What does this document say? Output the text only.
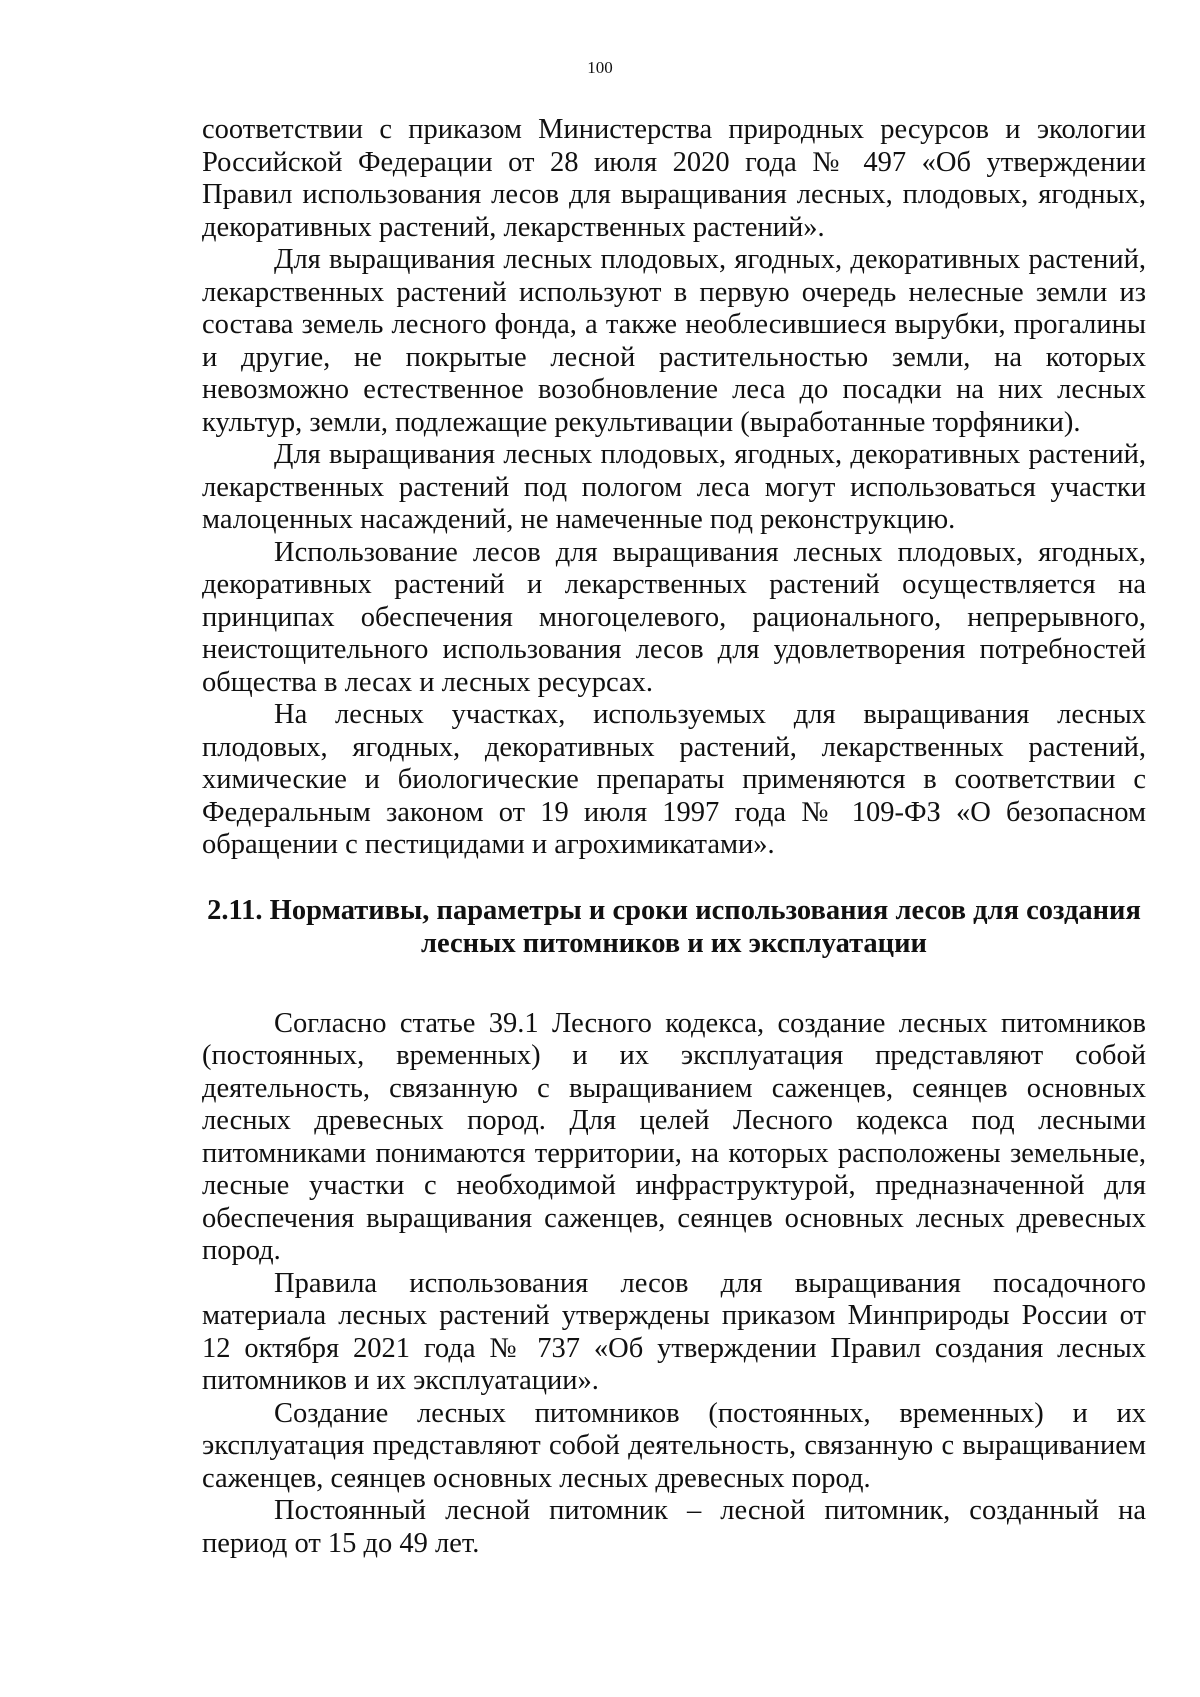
100

соответствии с приказом Министерства природных ресурсов и экологии Российской Федерации от 28 июля 2020 года № 497 «Об утверждении Правил использования лесов для выращивания лесных, плодовых, ягодных, декоративных растений, лекарственных растений».

Для выращивания лесных плодовых, ягодных, декоративных растений, лекарственных растений используют в первую очередь нелесные земли из состава земель лесного фонда, а также необлесившиеся вырубки, прогалины и другие, не покрытые лесной растительностью земли, на которых невозможно естественное возобновление леса до посадки на них лесных культур, земли, подлежащие рекультивации (выработанные торфяники).

Для выращивания лесных плодовых, ягодных, декоративных растений, лекарственных растений под пологом леса могут использоваться участки малоценных насаждений, не намеченные под реконструкцию.

Использование лесов для выращивания лесных плодовых, ягодных, декоративных растений и лекарственных растений осуществляется на принципах обеспечения многоцелевого, рационального, непрерывного, неистощительного использования лесов для удовлетворения потребностей общества в лесах и лесных ресурсах.

На лесных участках, используемых для выращивания лесных плодовых, ягодных, декоративных растений, лекарственных растений, химические и биологические препараты применяются в соответствии с Федеральным законом от 19 июля 1997 года № 109-ФЗ «О безопасном обращении с пестицидами и агрохимикатами».

2.11. Нормативы, параметры и сроки использования лесов для создания
лесных питомников и их эксплуатации

Согласно статье 39.1 Лесного кодекса, создание лесных питомников (постоянных, временных) и их эксплуатация представляют собой деятельность, связанную с выращиванием саженцев, сеянцев основных лесных древесных пород. Для целей Лесного кодекса под лесными питомниками понимаются территории, на которых расположены земельные, лесные участки с необходимой инфраструктурой, предназначенной для обеспечения выращивания саженцев, сеянцев основных лесных древесных пород.

Правила использования лесов для выращивания посадочного материала лесных растений утверждены приказом Минприроды России от 12 октября 2021 года № 737 «Об утверждении Правил создания лесных питомников и их эксплуатации».

Создание лесных питомников (постоянных, временных) и их эксплуатация представляют собой деятельность, связанную с выращиванием саженцев, сеянцев основных лесных древесных пород.

Постоянный лесной питомник – лесной питомник, созданный на период от 15 до 49 лет.
